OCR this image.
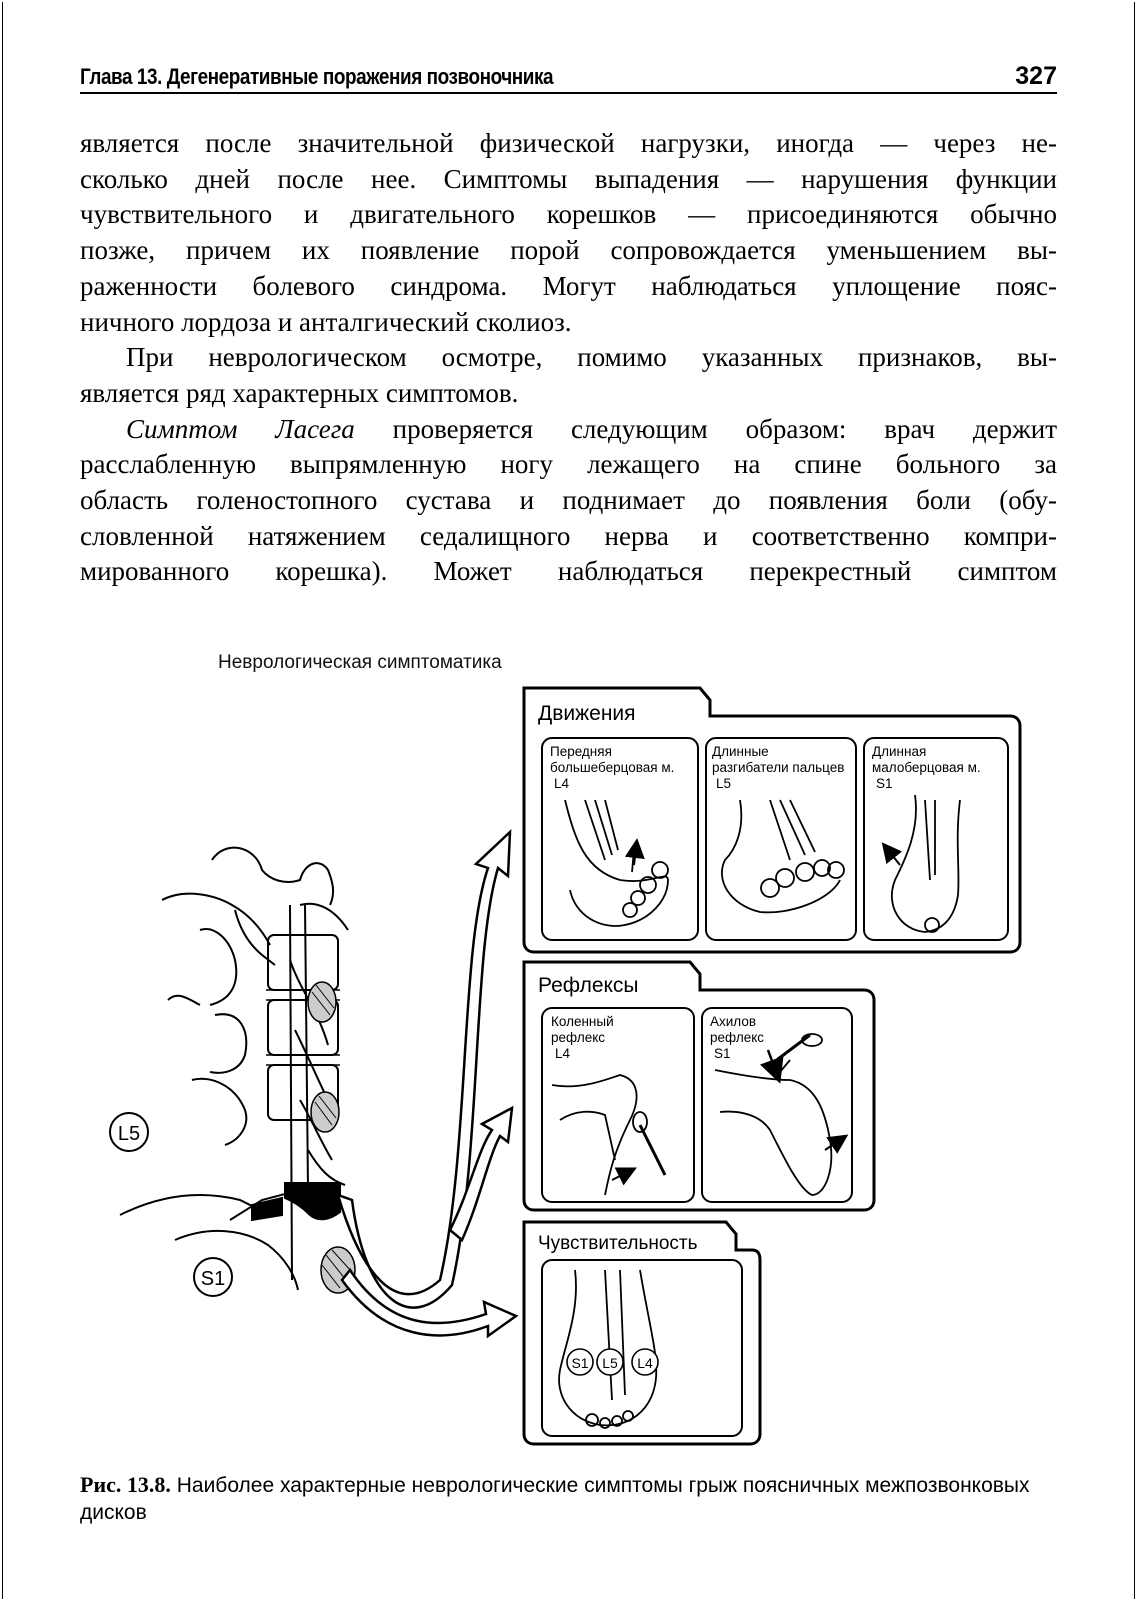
Глава 13. Дегенеративные поражения позвоночника	327
является после значительной физической нагрузки, иногда — через не-
сколько дней после нее. Симптомы выпадения — нарушения функции
чувствительного и двигательного корешков — присоединяются обычно
позже, причем их появление порой сопровождается уменьшением вы-
раженности болевого синдрома. Могут наблюдаться уплощение пояс-
ничного лордоза и анталгический сколиоз.
При неврологическом осмотре, помимо указанных признаков, вы-
является ряд характерных симптомов.
Симптом Ласега проверяется следующим образом: врач держит
расслабленную выпрямленную ногу лежащего на спине больного за
область голеностопного сустава и поднимает до появления боли (обу-
словленной натяжением седалищного нерва и соответственно компри-
мированного корешка). Может наблюдаться перекрестный симптом
Неврологическая симптоматика
L5
S1
Движения
Передняя
большеберцовая м.
L4
Длинные
разгибатели пальцев
L5
Длинная
малоберцовая м.
S1
Рефлексы
Коленный
рефлекс
L4
Ахилов
рефлекс
S1
Чувствительность
S1 L5 L4
Рис. 13.8. Наиболее характерные неврологические симптомы грыж поясничных межпозвонковых дисков
